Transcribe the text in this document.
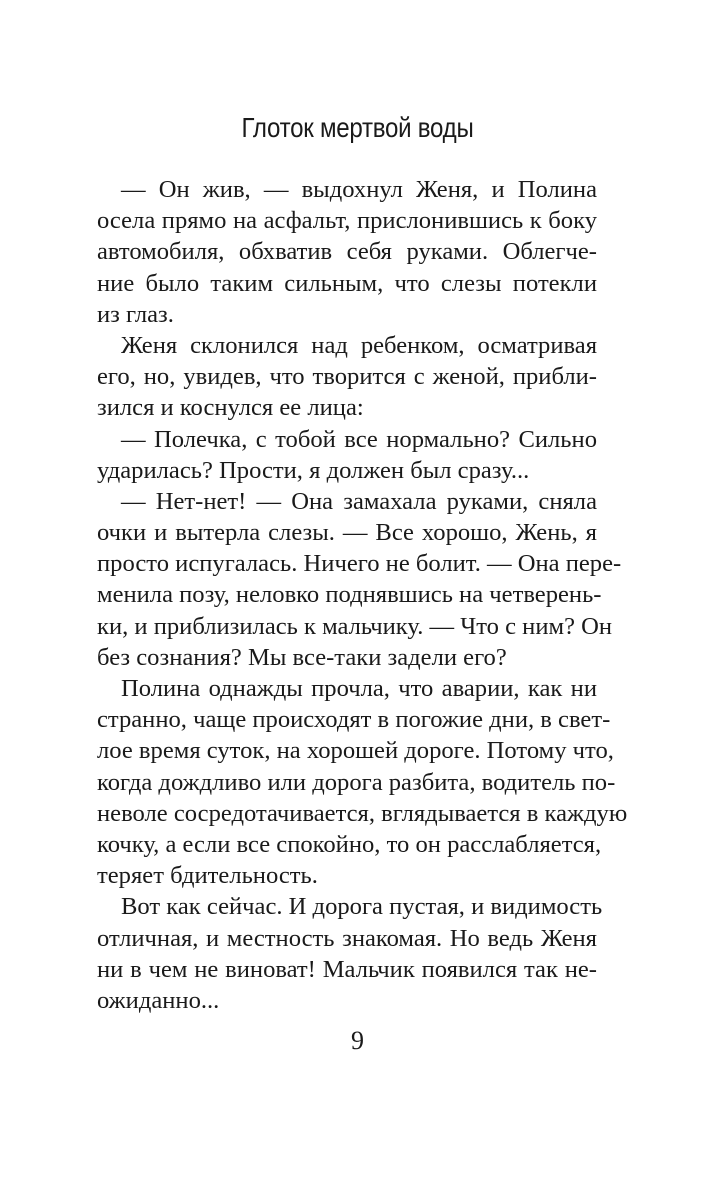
Глоток мертвой воды
— Он жив, — выдохнул Женя, и Полина
осела прямо на асфальт, прислонившись к боку
автомобиля, обхватив себя руками. Облегче-
ние было таким сильным, что слезы потекли
из глаз.
Женя склонился над ребенком, осматривая
его, но, увидев, что творится с женой, прибли-
зился и коснулся ее лица:
— Полечка, с тобой все нормально? Сильно
ударилась? Прости, я должен был сразу...
— Нет-нет! — Она замахала руками, сняла
очки и вытерла слезы. — Все хорошо, Жень, я
просто испугалась. Ничего не болит. — Она пере-
менила позу, неловко поднявшись на четверень-
ки, и приблизилась к мальчику. — Что с ним? Он
без сознания? Мы все-таки задели его?
Полина однажды прочла, что аварии, как ни
странно, чаще происходят в погожие дни, в свет-
лое время суток, на хорошей дороге. Потому что,
когда дождливо или дорога разбита, водитель по-
неволе сосредотачивается, вглядывается в каждую
кочку, а если все спокойно, то он расслабляется,
теряет бдительность.
Вот как сейчас. И дорога пустая, и видимость
отличная, и местность знакомая. Но ведь Женя
ни в чем не виноват! Мальчик появился так не-
ожиданно...
9
